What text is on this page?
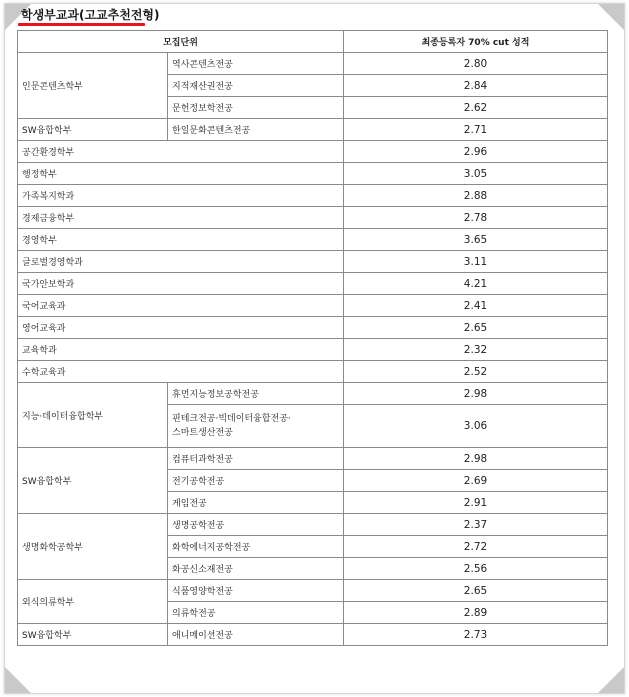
학생부교과(고교추천전형)
모집단위		최종등록자 70% cut 성적
인문콘텐츠학부	역사콘텐츠전공	2.80
	지적재산권전공	2.84
	문헌정보학전공	2.62
SW융합학부	한일문화콘텐츠전공	2.71
공간환경학부		2.96
행정학부		3.05
가족복지학과		2.88
경제금융학부		2.78
경영학부		3.65
글로벌경영학과		3.11
국가안보학과		4.21
국어교육과		2.41
영어교육과		2.65
교육학과		2.32
수학교육과		2.52
지능·데이터융합학부	휴먼지능정보공학전공	2.98
	핀테크전공·빅데이터융합전공·
스마트생산전공	3.06
SW융합학부	컴퓨터과학전공	2.98
	전기공학전공	2.69
	게임전공	2.91
생명화학공학부	생명공학전공	2.37
	화학에너지공학전공	2.72
	화공신소재전공	2.56
외식의류학부	식품영양학전공	2.65
	의류학전공	2.89
SW융합학부	애니메이션전공	2.73
